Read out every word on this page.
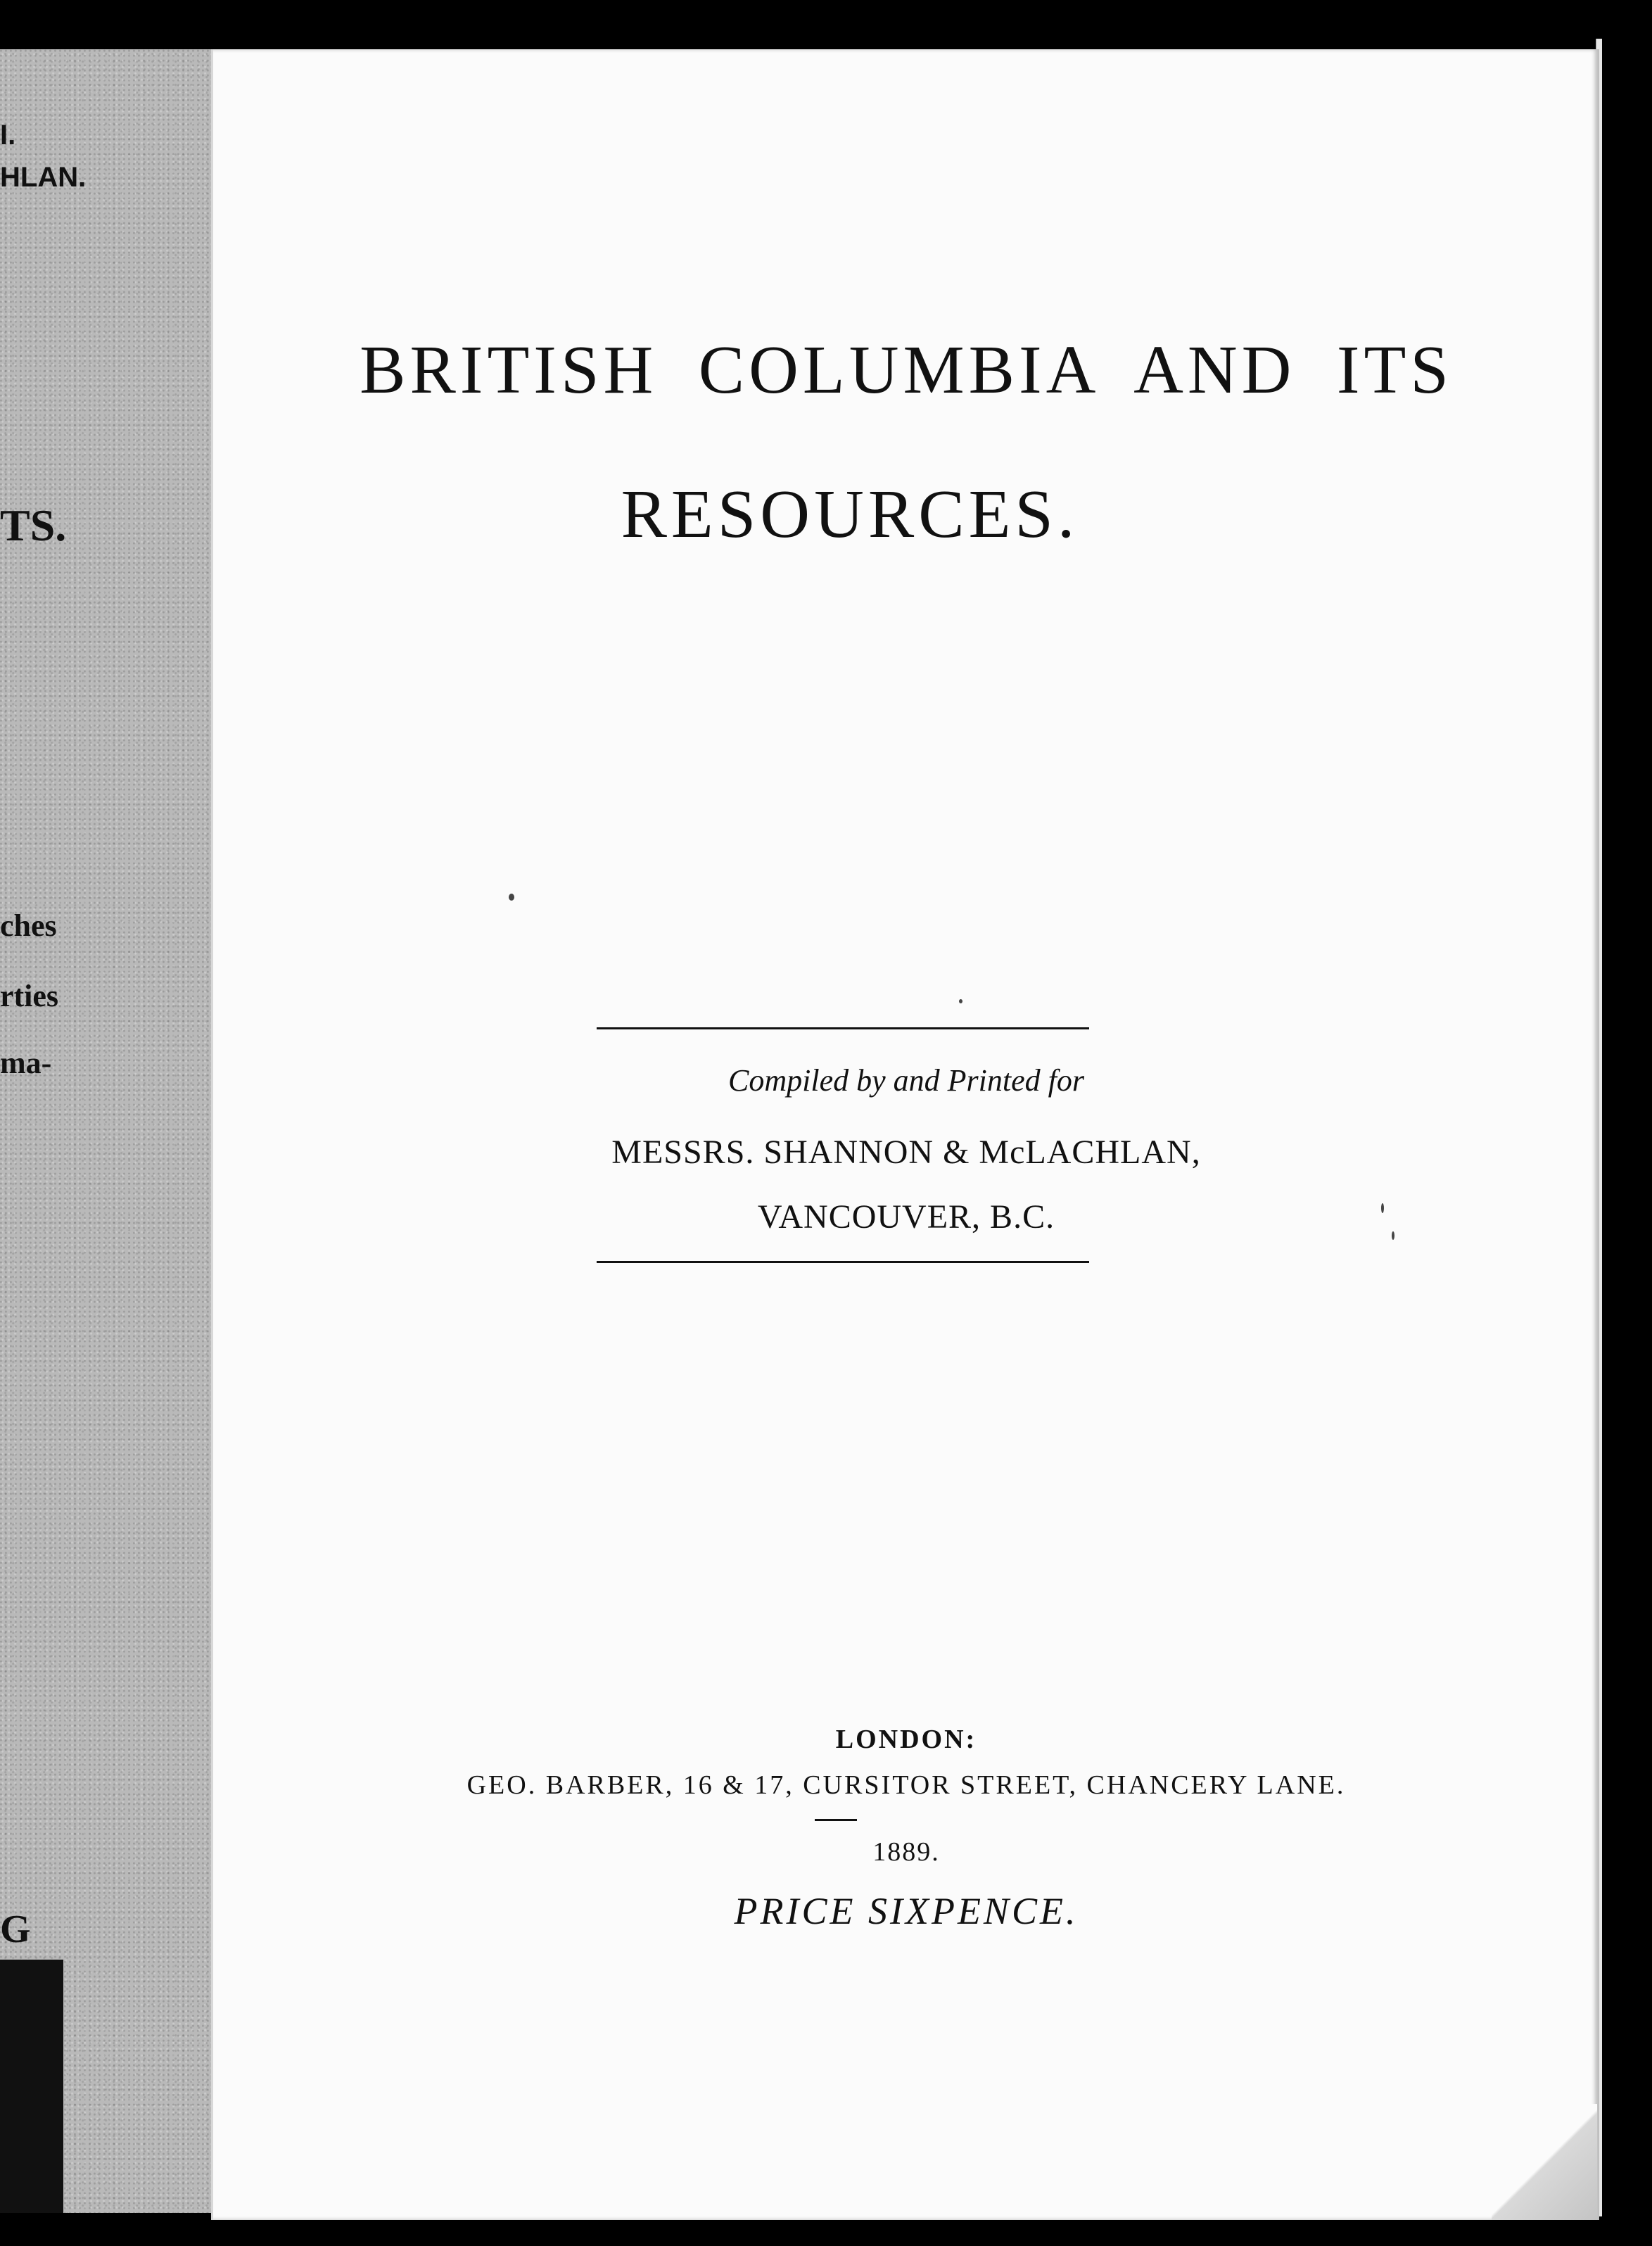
I.
HLAN.
TS.
ches
rties
ma-
G
BRITISH COLUMBIA AND ITS
RESOURCES.
Compiled by and Printed for
MESSRS. SHANNON & McLACHLAN,
VANCOUVER, B.C.
LONDON:
GEO. BARBER, 16 & 17, CURSITOR STREET, CHANCERY LANE.
1889.
PRICE SIXPENCE.
